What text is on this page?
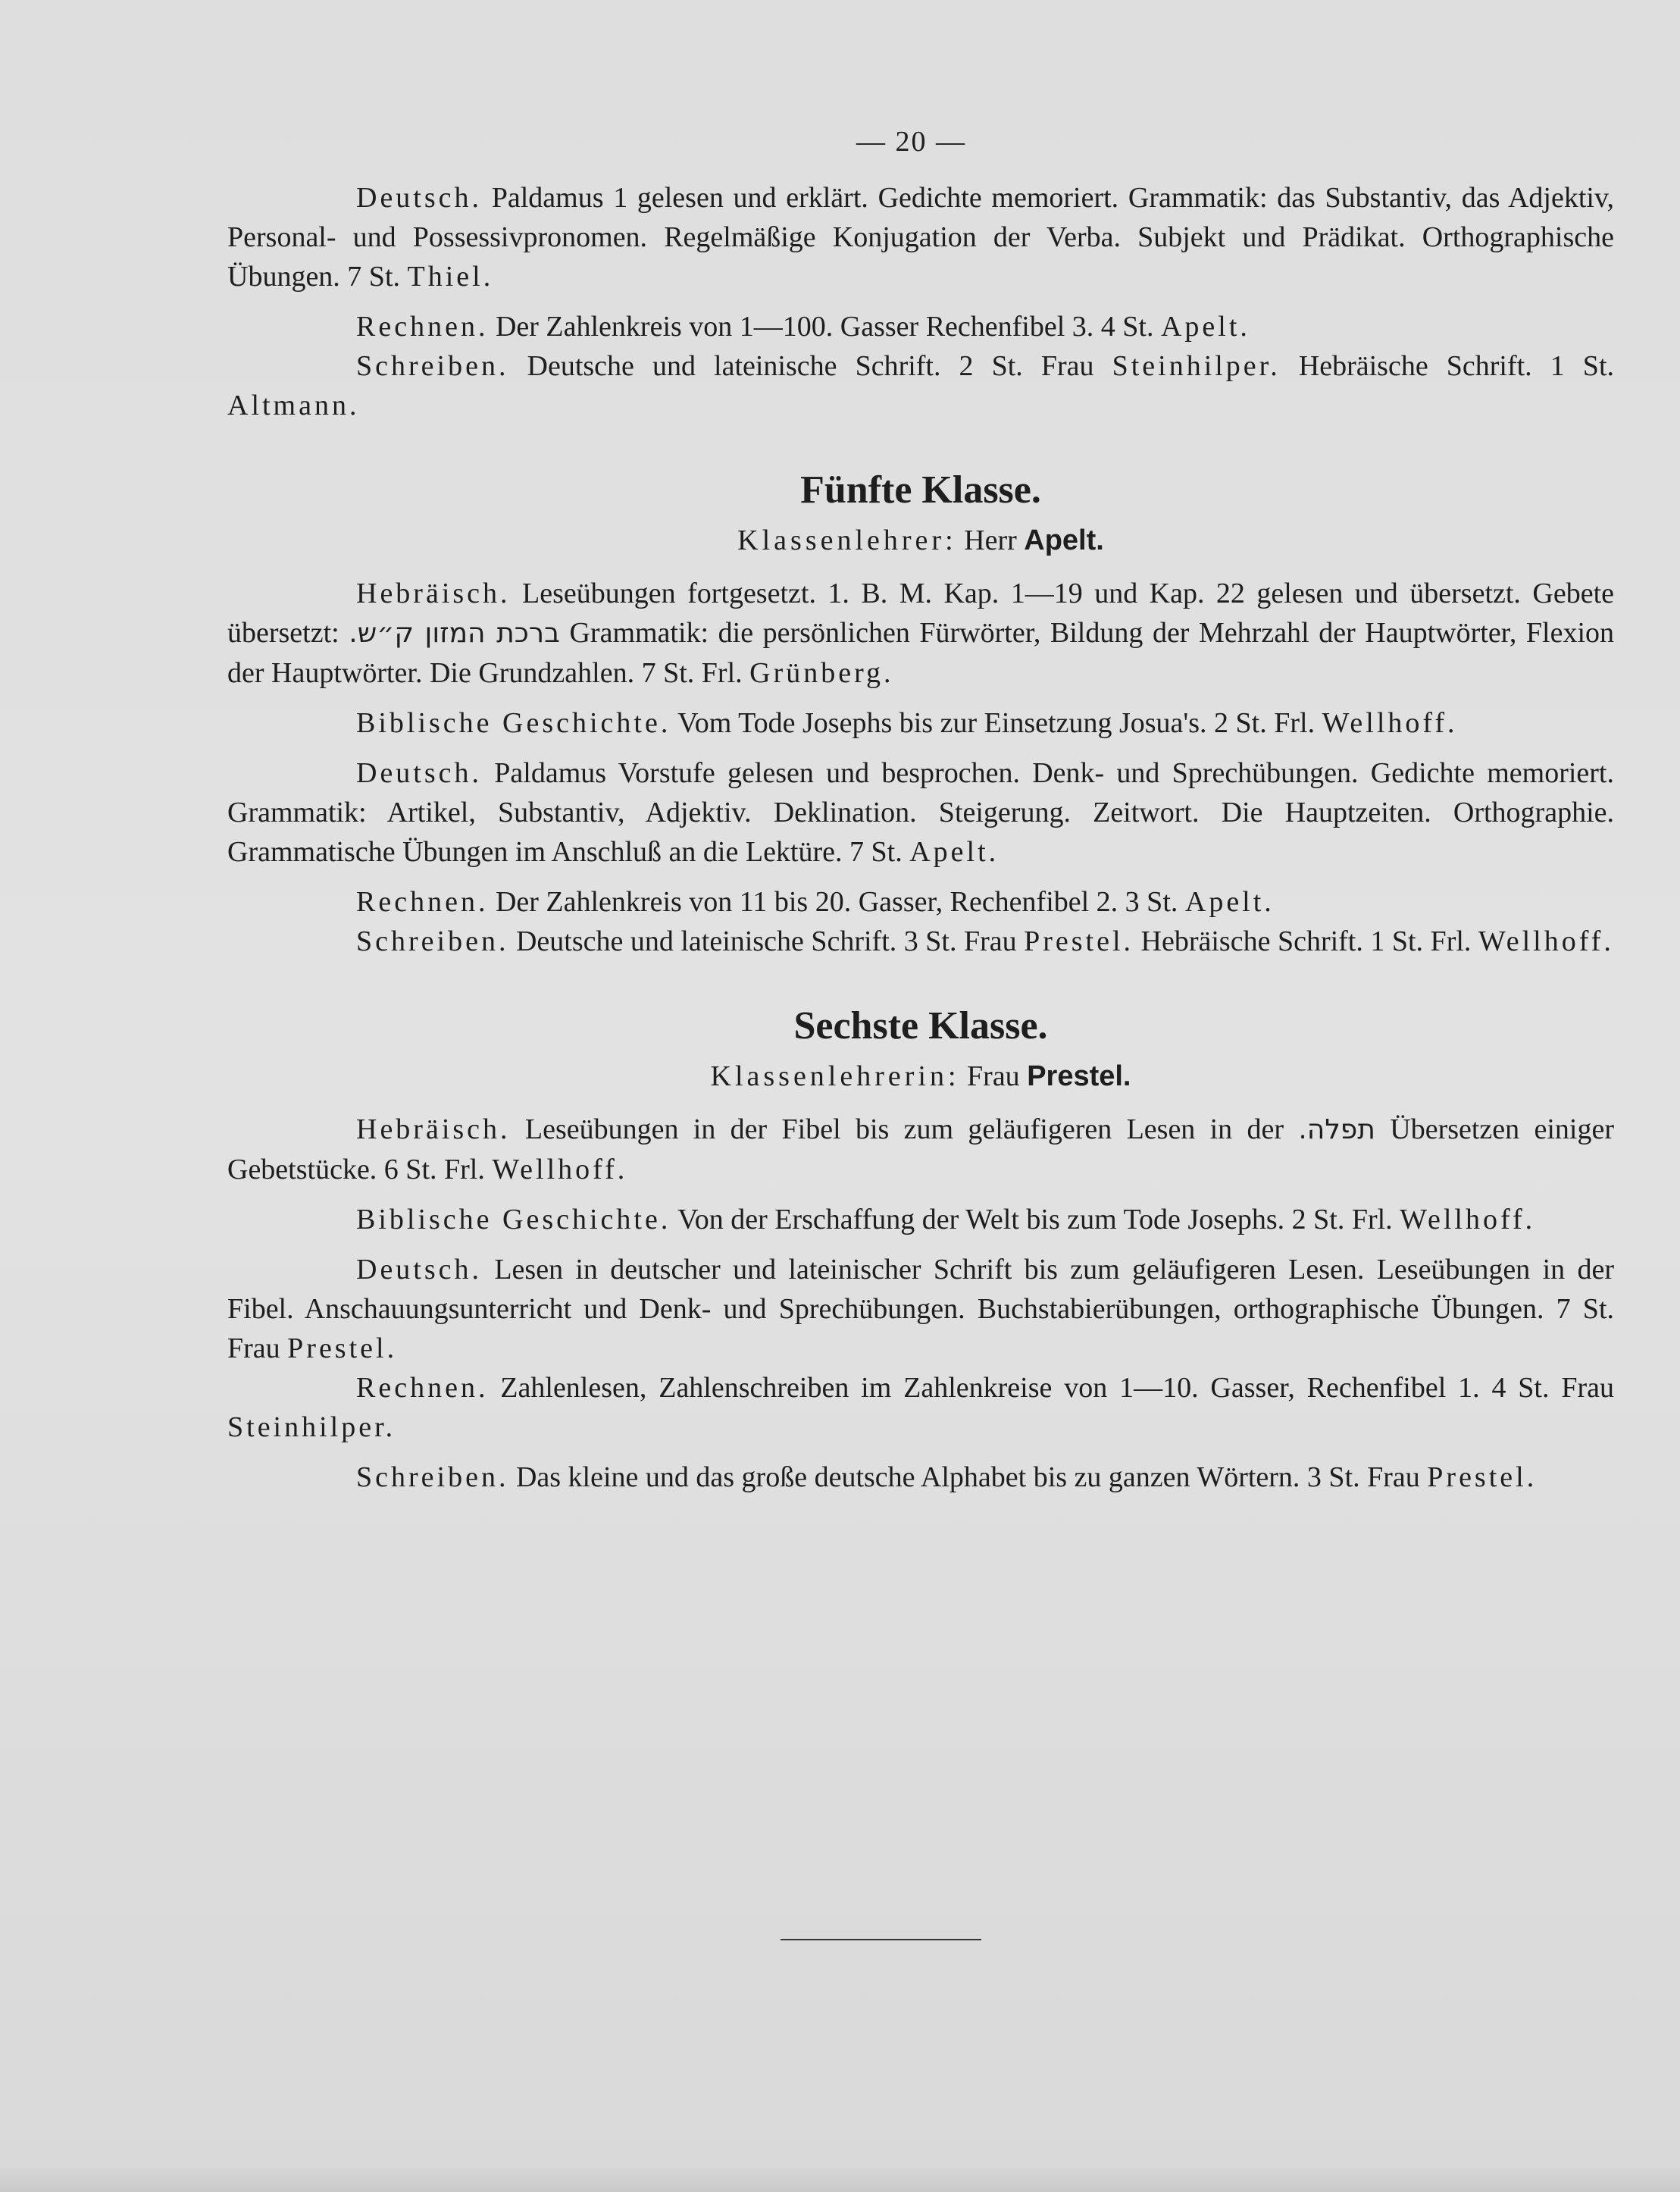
— 20 —

Deutsch. Paldamus 1 gelesen und erklärt. Gedichte memoriert. Grammatik: das Substantiv, das Adjektiv, Personal- und Possessivpronomen. Regelmäßige Konjugation der Verba. Subjekt und Prädikat. Orthographische Übungen. 7 St. Thiel.

Rechnen. Der Zahlenkreis von 1—100. Gasser Rechenfibel 3. 4 St. Apelt.

Schreiben. Deutsche und lateinische Schrift. 2 St. Frau Steinhilper. Hebräische Schrift. 1 St. Altmann.

Fünfte Klasse.
Klassenlehrer: Herr Apelt.

Hebräisch. Leseübungen fortgesetzt. 1. B. M. Kap. 1—19 und Kap. 22 gelesen und übersetzt. Gebete übersetzt: ברכת המזון ק״ש. Grammatik: die persönlichen Fürwörter, Bildung der Mehrzahl der Hauptwörter, Flexion der Hauptwörter. Die Grundzahlen. 7 St. Frl. Grünberg.

Biblische Geschichte. Vom Tode Josephs bis zur Einsetzung Josua's. 2 St. Frl. Wellhoff.

Deutsch. Paldamus Vorstufe gelesen und besprochen. Denk- und Sprechübungen. Gedichte memoriert. Grammatik: Artikel, Substantiv, Adjektiv. Deklination. Steigerung. Zeitwort. Die Hauptzeiten. Orthographie. Grammatische Übungen im Anschluß an die Lektüre. 7 St. Apelt.

Rechnen. Der Zahlenkreis von 11 bis 20. Gasser, Rechenfibel 2. 3 St. Apelt.

Schreiben. Deutsche und lateinische Schrift. 3 St. Frau Prestel. Hebräische Schrift. 1 St. Frl. Wellhoff.

Sechste Klasse.
Klassenlehrerin: Frau Prestel.

Hebräisch. Leseübungen in der Fibel bis zum geläufigeren Lesen in der תפלה. Übersetzen einiger Gebetstücke. 6 St. Frl. Wellhoff.

Biblische Geschichte. Von der Erschaffung der Welt bis zum Tode Josephs. 2 St. Frl. Wellhoff.

Deutsch. Lesen in deutscher und lateinischer Schrift bis zum geläufigeren Lesen. Leseübungen in der Fibel. Anschauungsunterricht und Denk- und Sprechübungen. Buchstabierübungen, orthographische Übungen. 7 St. Frau Prestel.

Rechnen. Zahlenlesen, Zahlenschreiben im Zahlenkreise von 1—10. Gasser, Rechenfibel 1. 4 St. Frau Steinhilper.

Schreiben. Das kleine und das große deutsche Alphabet bis zu ganzen Wörtern. 3 St. Frau Prestel.
